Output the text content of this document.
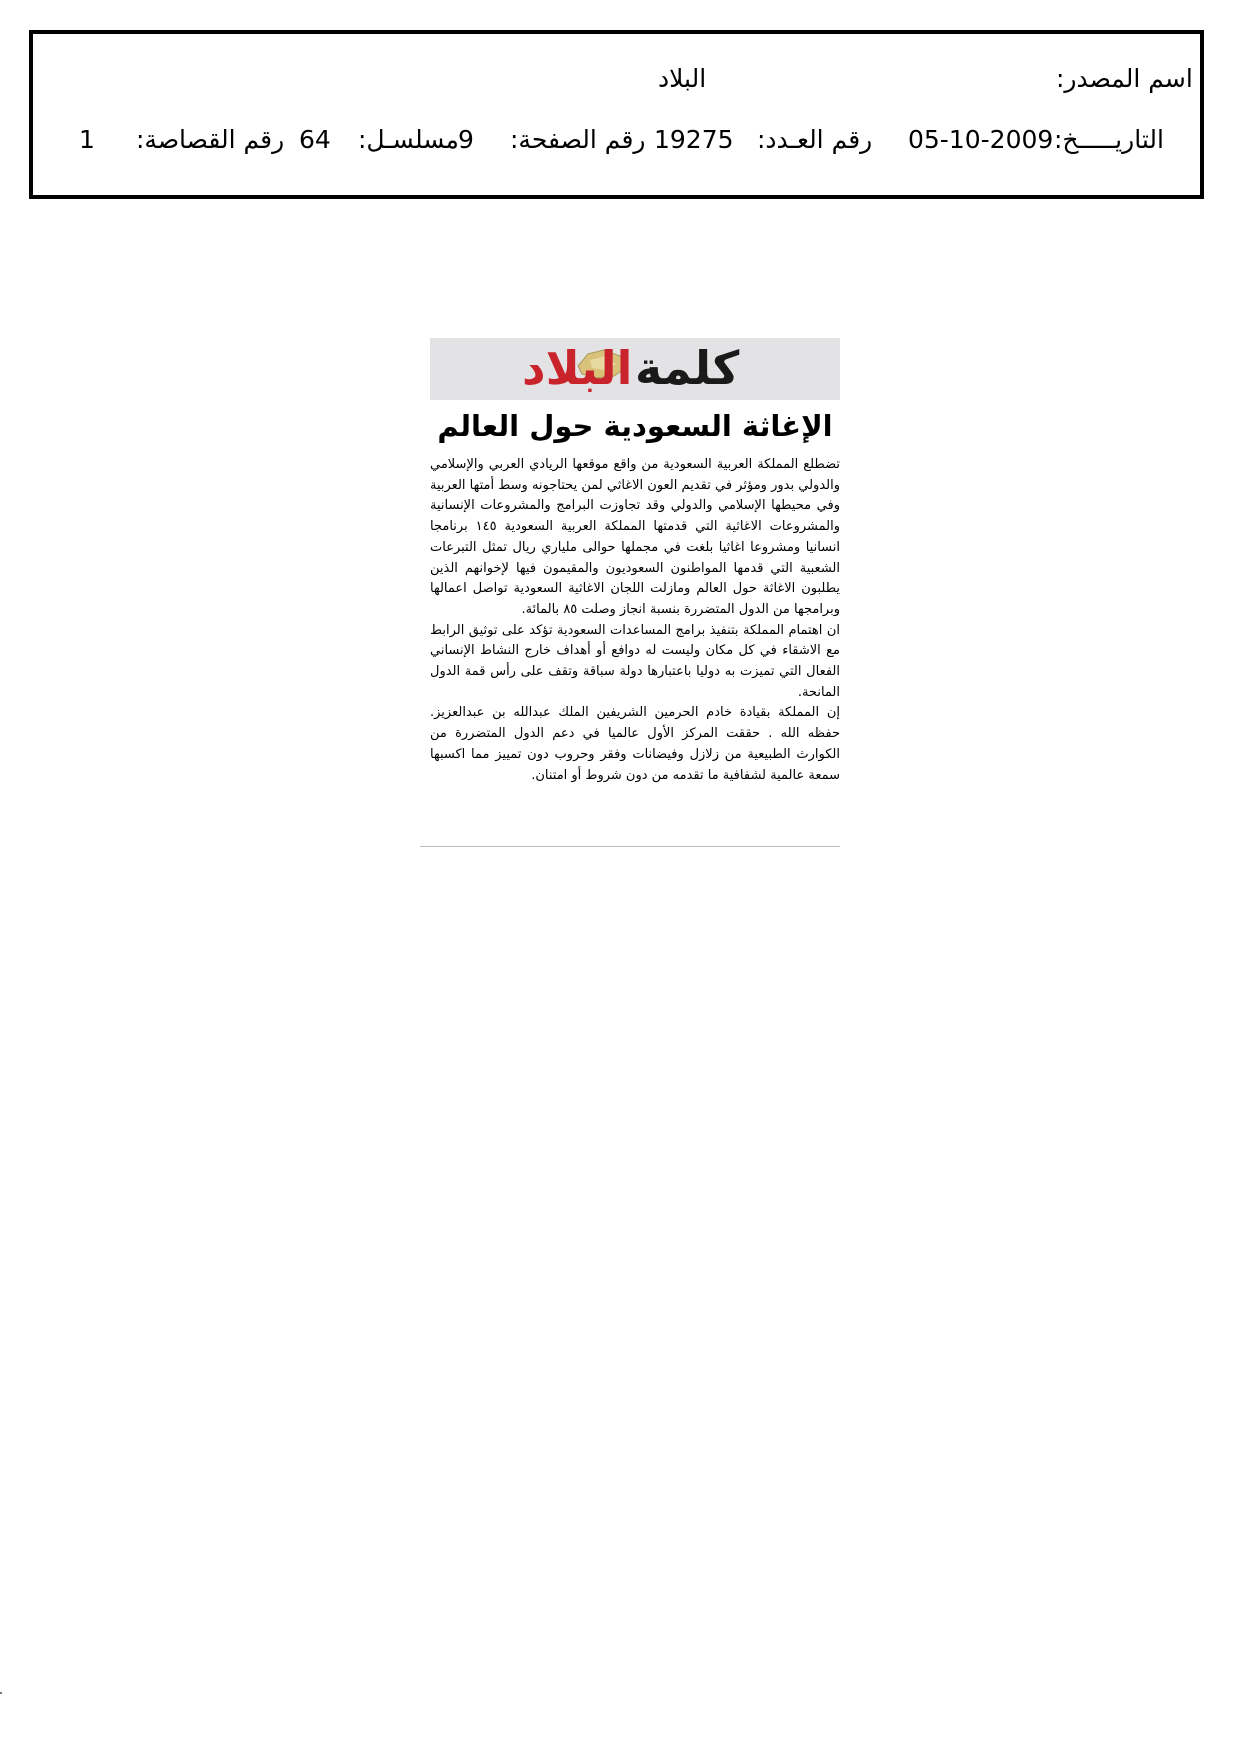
اسم المصدر:
البلاد
التاريـــــخ:
05-10-2009
رقم العـدد:
19275
رقم الصفحة:
9
مسلسـل:
64
رقم القصاصة:
1
البلاد كلمة
الإغاثة السعودية حول العالم

تضطلع المملكة العربية السعودية من واقع موقعها الريادي العربي والإسلامي والدولي بدور ومؤثر في تقديم العون الاغاثي لمن يحتاجونه وسط أمتها العربية وفي محيطها الإسلامي والدولي وقد تجاوزت البرامج والمشروعات الإنسانية والمشروعات الاغاثية التي قدمتها المملكة العربية السعودية ١٤٥ برنامجا انسانيا ومشروعا اغاثيا بلغت في مجملها حوالى ملياري ريال تمثل التبرعات الشعبية التي قدمها المواطنون السعوديون والمقيمون فيها لإخوانهم الذين يطلبون الاغاثة حول العالم ومازلت اللجان الاغاثية السعودية تواصل اعمالها وبرامجها من الدول المتضررة بنسبة انجاز وصلت ٨٥ بالمائة.

ان اهتمام المملكة بتنفيذ برامج المساعدات السعودية تؤكد على توثيق الرابط مع الاشقاء في كل مكان وليست له دوافع أو أهداف خارج النشاط الإنساني الفعال التي تميزت به دوليا باعتبارها دولة سباقة وتقف على رأس قمة الدول المانحة.

إن المملكة بقيادة خادم الحرمين الشريفين الملك عبدالله بن عبدالعزيز. حفظه الله . حققت المركز الأول عالميا في دعم الدول المتضررة من الكوارث الطبيعية من زلازل وفيضانات وفقر وحروب دون تمييز مما اكسبها سمعة عالمية لشفافية ما تقدمه من دون شروط أو امتنان.
